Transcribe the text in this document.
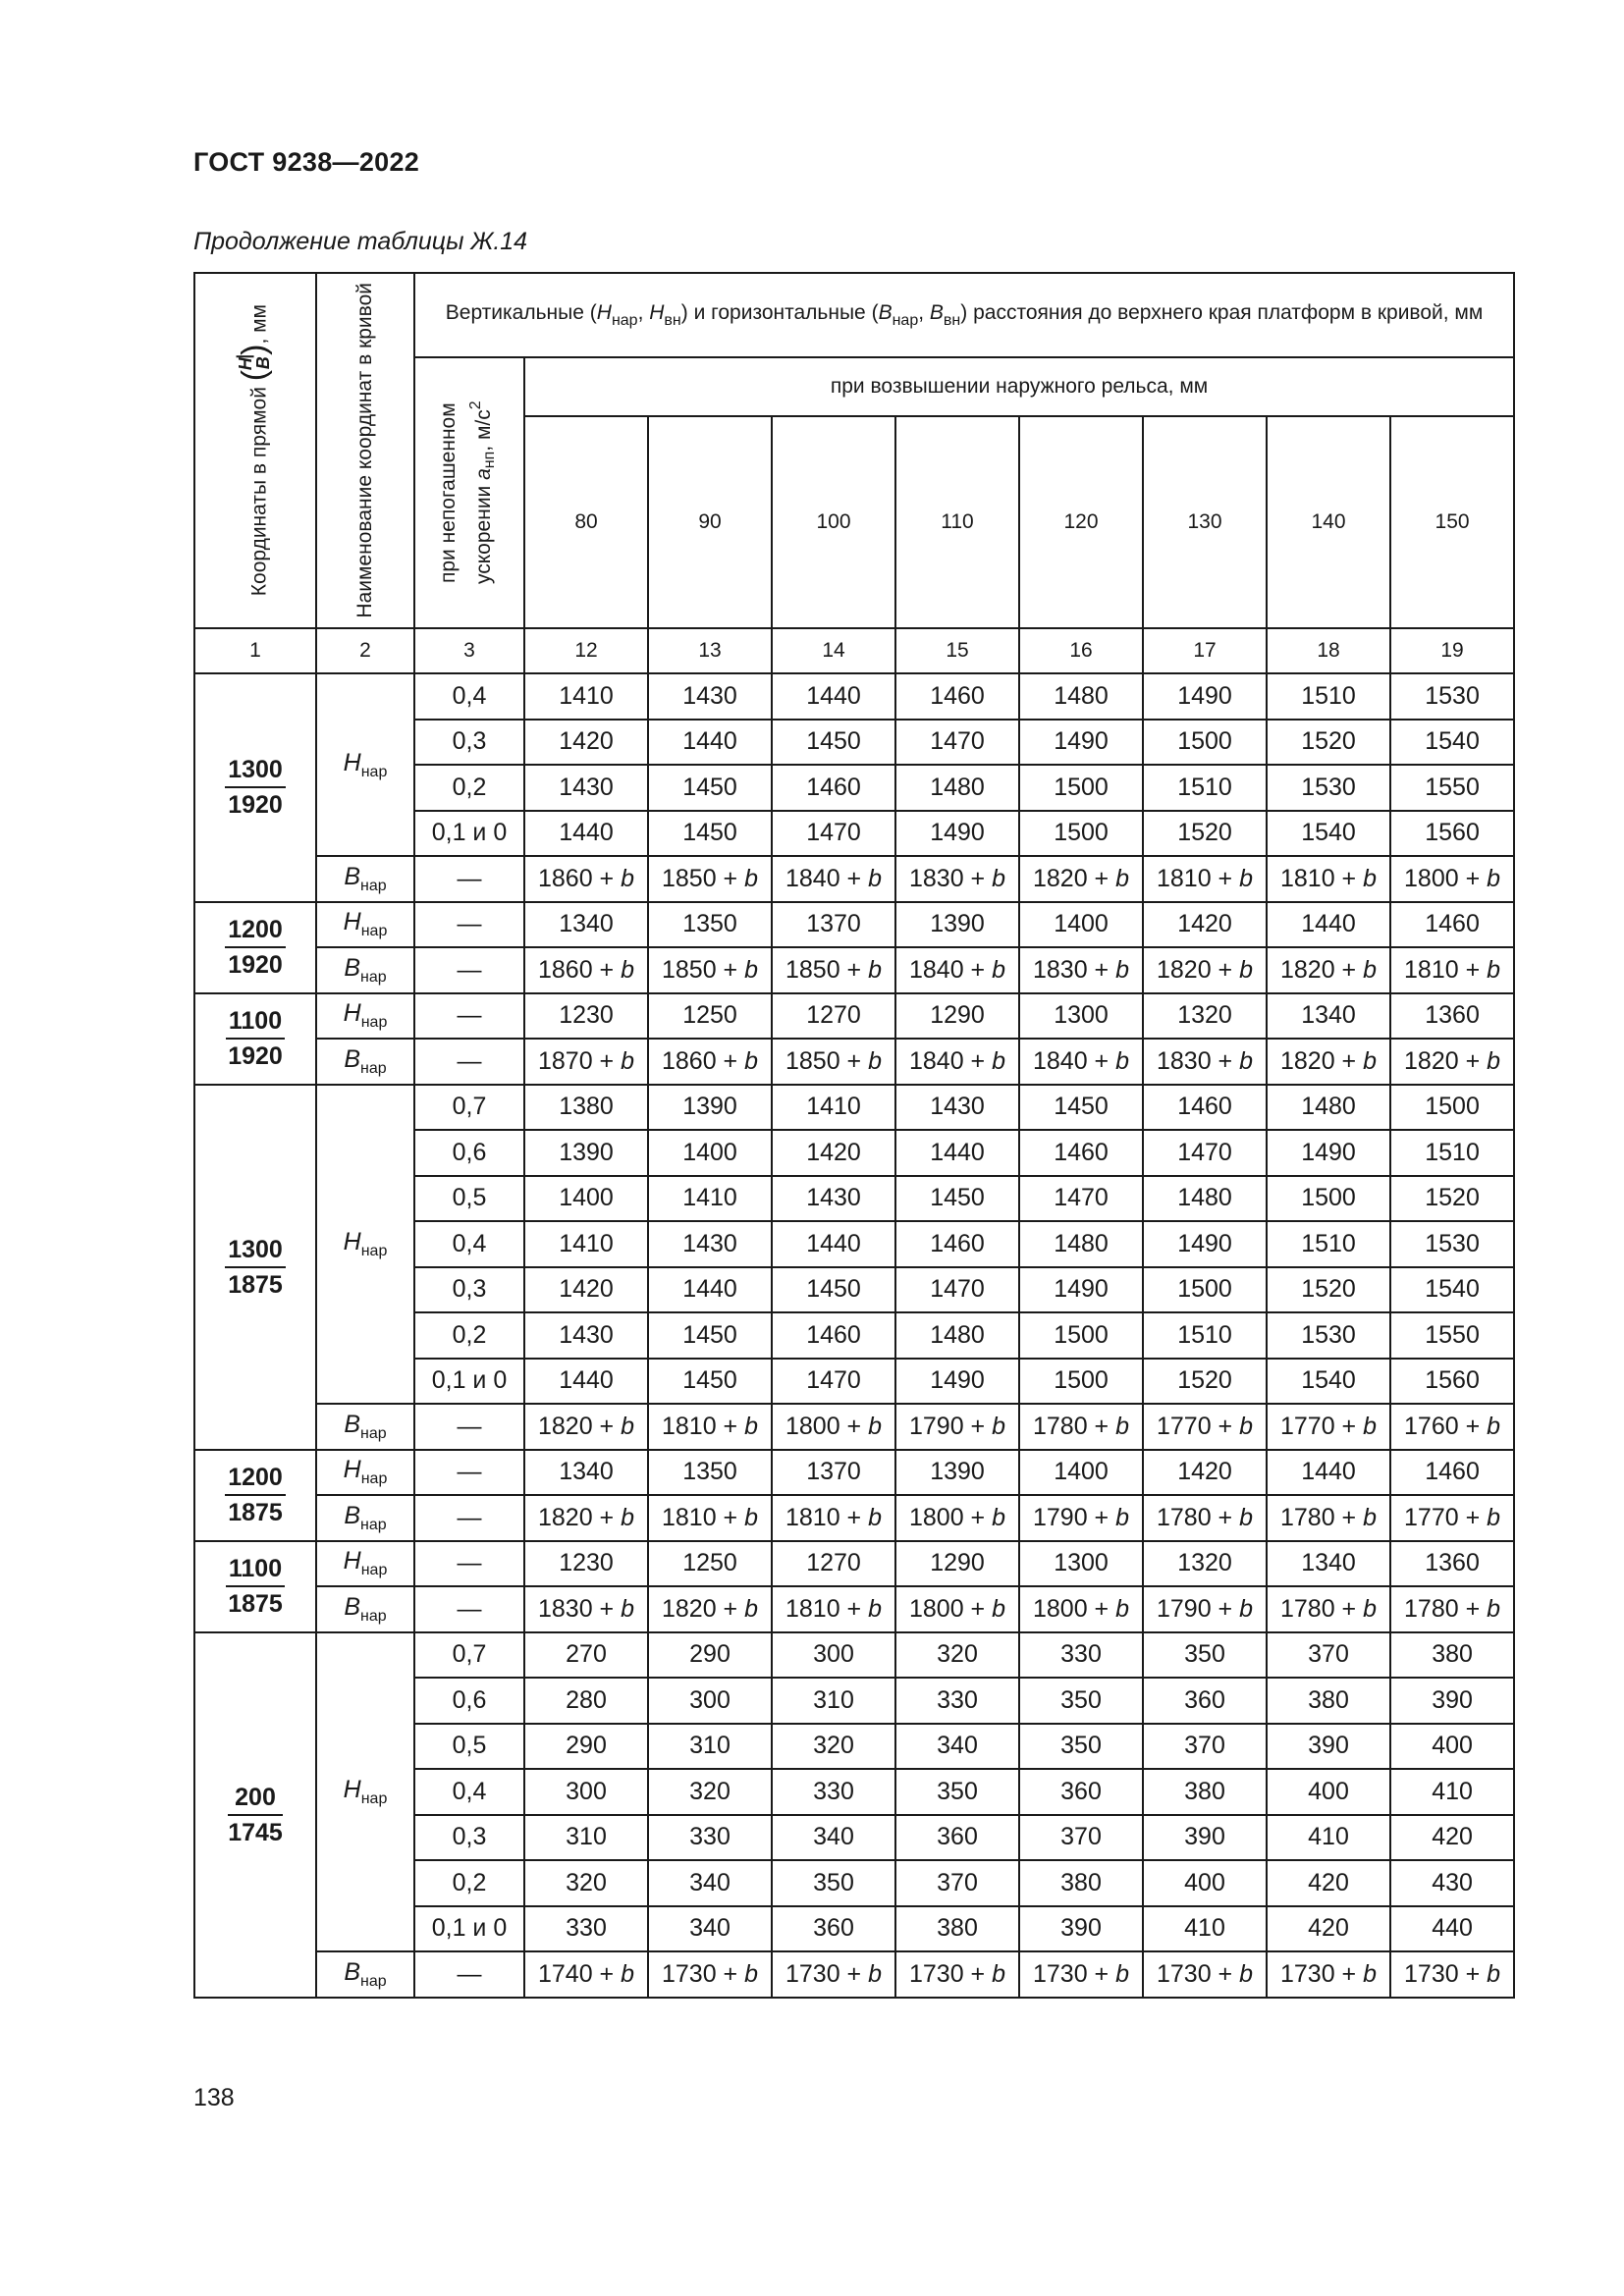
ГОСТ 9238—2022
Продолжение таблицы Ж.14
Координаты в прямой (
H
B
), мм	Наименование координат в кривой	Вертикальные ($H_{нар}$, $H_{вн}$) и горизонтальные ($B_{нар}$, $B_{вн}$) расстояния до верхнего края платформ в кривой, мм								

		при непогашенном ускорении $a_{нп}$, $м/с^2$	при возвышении наружного рельса, мм							
			80	90	100	110	120	130	140	150
1	2	3	12	13	14	15	16	17	18	19

$\frac{1300}{1920}$	$H_{нар}$	0,4	1410	1430	1440	1460	1480	1490	1510	1530
		0,3	1420	1440	1450	1470	1490	1500	1520	1540
		0,2	1430	1450	1460	1480	1500	1510	1530	1550
		0,1 и 0	1440	1450	1470	1490	1500	1520	1540	1560
	$B_{нар}$	—	1860 + b	1850 + b	1840 + b	1830 + b	1820 + b	1810 + b	1810 + b	1800 + b

$\frac{1200}{1920}$	$H_{нар}$	—	1340	1350	1370	1390	1400	1420	1440	1460
	$B_{нар}$	—	1860 + b	1850 + b	1850 + b	1840 + b	1830 + b	1820 + b	1820 + b	1810 + b

$\frac{1100}{1920}$	$H_{нар}$	—	1230	1250	1270	1290	1300	1320	1340	1360
	$B_{нар}$	—	1870 + b	1860 + b	1850 + b	1840 + b	1840 + b	1830 + b	1820 + b	1820 + b

$\frac{1300}{1875}$	$H_{нар}$	0,7	1380	1390	1410	1430	1450	1460	1480	1500
		0,6	1390	1400	1420	1440	1460	1470	1490	1510
		0,5	1400	1410	1430	1450	1470	1480	1500	1520
		0,4	1410	1430	1440	1460	1480	1490	1510	1530
		0,3	1420	1440	1450	1470	1490	1500	1520	1540
		0,2	1430	1450	1460	1480	1500	1510	1530	1550
		0,1 и 0	1440	1450	1470	1490	1500	1520	1540	1560
	$B_{нар}$	—	1820 + b	1810 + b	1800 + b	1790 + b	1780 + b	1770 + b	1770 + b	1760 + b

$\frac{1200}{1875}$	$H_{нар}$	—	1340	1350	1370	1390	1400	1420	1440	1460
	$B_{нар}$	—	1820 + b	1810 + b	1810 + b	1800 + b	1790 + b	1780 + b	1780 + b	1770 + b

$\frac{1100}{1875}$	$H_{нар}$	—	1230	1250	1270	1290	1300	1320	1340	1360
	$B_{нар}$	—	1830 + b	1820 + b	1810 + b	1800 + b	1800 + b	1790 + b	1780 + b	1780 + b

$\frac{200}{1745}$	$H_{нар}$	0,7	270	290	300	320	330	350	370	380
		0,6	280	300	310	330	350	360	380	390
		0,5	290	310	320	340	350	370	390	400
		0,4	300	320	330	350	360	380	400	410
		0,3	310	330	340	360	370	390	410	420
		0,2	320	340	350	370	380	400	420	430
		0,1 и 0	330	340	360	380	390	410	420	440
	$B_{нар}$	—	1740 + b	1730 + b	1730 + b	1730 + b	1730 + b	1730 + b	1730 + b	1730 + b
138
